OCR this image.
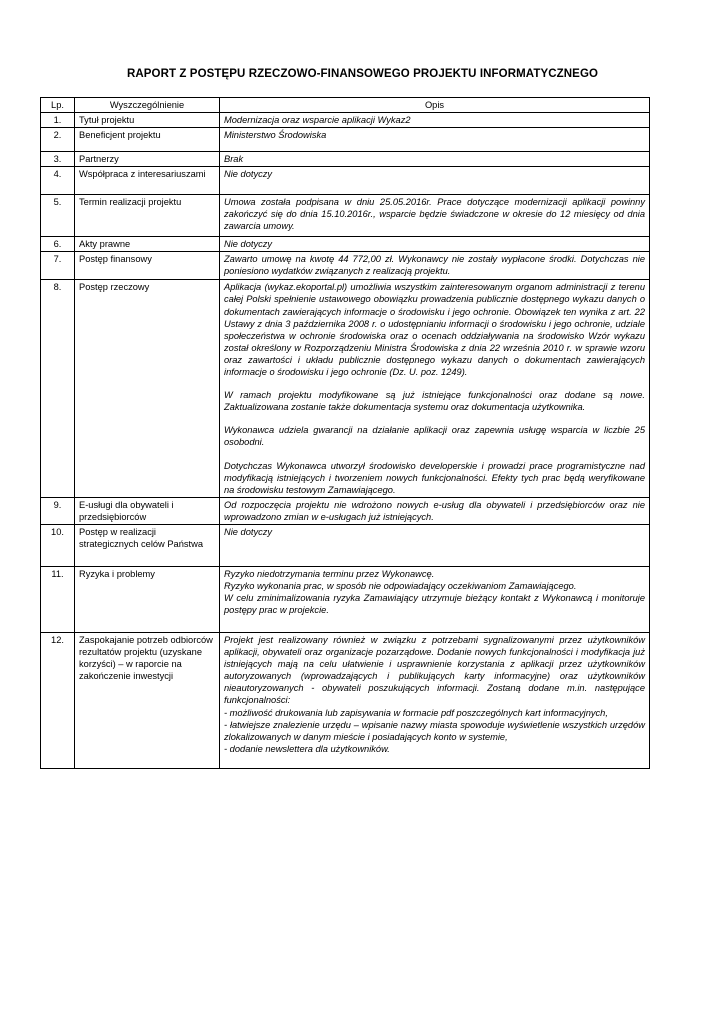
RAPORT Z POSTĘPU RZECZOWO-FINANSOWEGO PROJEKTU INFORMATYCZNEGO
Lp.	Wyszczególnienie	Opis
1.	Tytuł projektu	Modernizacja oraz wsparcie aplikacji Wykaz2
2.	Beneficjent projektu	Ministerstwo Środowiska
3.	Partnerzy	Brak
4.	Współpraca z interesariuszami	Nie dotyczy
5.	Termin realizacji projektu	Umowa została podpisana w dniu 25.05.2016r. Prace dotyczące modernizacji aplikacji powinny zakończyć się do dnia 15.10.2016r., wsparcie będzie świadczone w okresie do 12 miesięcy od dnia zawarcia umowy.
6.	Akty prawne	Nie dotyczy
7.	Postęp finansowy	Zawarto umowę na kwotę 44 772,00 zł. Wykonawcy nie zostały wypłacone środki. Dotychczas nie poniesiono wydatków związanych z realizacją projektu.
8.	Postęp rzeczowy	Aplikacja (wykaz.ekoportal.pl) umożliwia wszystkim zainteresowanym organom administracji z terenu całej Polski spełnienie ustawowego obowiązku prowadzenia publicznie dostępnego wykazu danych o dokumentach zawierających informacje o środowisku i jego ochronie. Obowiązek ten wynika z art. 22 Ustawy z dnia 3 października 2008 r. o udostępnianiu informacji o środowisku i jego ochronie, udziale społeczeństwa w ochronie środowiska oraz o ocenach oddziaływania na środowisko Wzór wykazu został określony w Rozporządzeniu Ministra Środowiska z dnia 22 września 2010 r. w sprawie wzoru oraz zawartości i układu publicznie dostępnego wykazu danych o dokumentach zawierających informacje o środowisku i jego ochronie (Dz. U. poz. 1249).

W ramach projektu modyfikowane są już istniejące funkcjonalności oraz dodane są nowe. Zaktualizowana zostanie także dokumentacja systemu oraz dokumentacja użytkownika.

Wykonawca udziela gwarancji na działanie aplikacji oraz zapewnia usługę wsparcia w liczbie 25 osobodni.

Dotychczas Wykonawca utworzył środowisko developerskie i prowadzi prace programistyczne nad modyfikacją istniejących i tworzeniem nowych funkcjonalności. Efekty tych prac będą weryfikowane na środowisku testowym Zamawiającego.

9.	E-usługi dla obywateli i przedsiębiorców	Od rozpoczęcia projektu nie wdrożono nowych e-usług dla obywateli i przedsiębiorców oraz nie wprowadzono zmian w e-usługach już istniejących.
10.	Postęp w realizacji strategicznych celów Państwa	Nie dotyczy
11.	Ryzyka i problemy	Ryzyko niedotrzymania terminu przez Wykonawcę.
Ryzyko wykonania prac, w sposób nie odpowiadający oczekiwaniom Zamawiającego.
W celu zminimalizowania ryzyka Zamawiający utrzymuje bieżący kontakt z Wykonawcą i monitoruje postępy prac w projekcie.

12.	Zaspokajanie potrzeb odbiorców rezultatów projektu (uzyskane korzyści) – w raporcie na zakończenie inwestycji	Projekt jest realizowany również w związku z potrzebami sygnalizowanymi przez użytkowników aplikacji, obywateli oraz organizacje pozarządowe. Dodanie nowych funkcjonalności i modyfikacja już istniejących mają na celu ułatwienie i usprawnienie korzystania z aplikacji przez użytkowników autoryzowanych (wprowadzających i publikujących karty informacyjne) oraz użytkowników nieautoryzowanych - obywateli poszukujących informacji. Zostaną dodane m.in. następujące funkcjonalności:
- możliwość drukowania lub zapisywania w formacie pdf poszczególnych kart informacyjnych,
- łatwiejsze znalezienie urzędu – wpisanie nazwy miasta spowoduje wyświetlenie wszystkich urzędów zlokalizowanych w danym mieście i posiadających konto w systemie,
- dodanie newslettera dla użytkowników.
